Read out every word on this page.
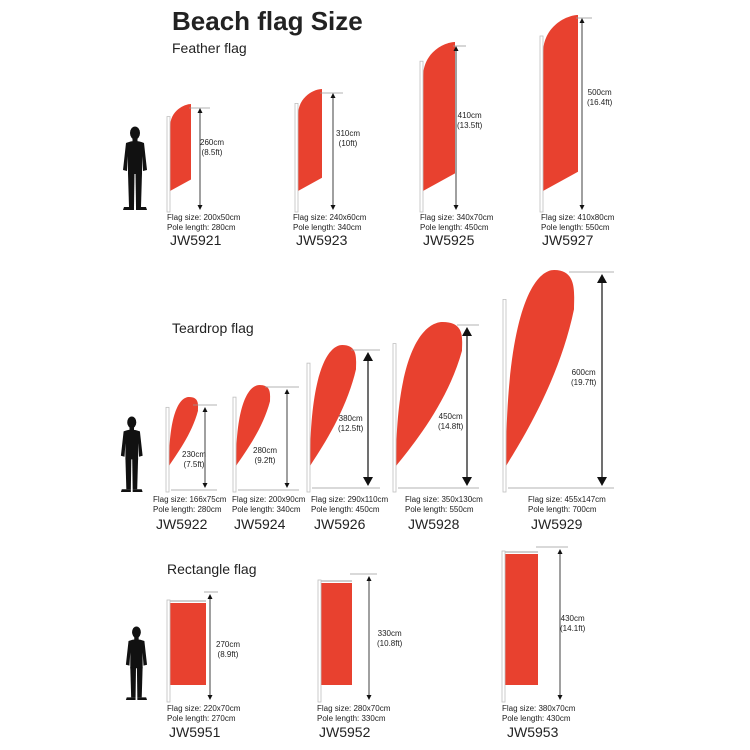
Beach flag Size
Feather flag
Teardrop flag
Rectangle flag
260cm
(8.5ft)
Flag size: 200x50cm
Pole length: 280cm
JW5921
310cm
(10ft)
Flag size: 240x60cm
Pole length: 340cm
JW5923
410cm
(13.5ft)
Flag size: 340x70cm
Pole length: 450cm
JW5925
500cm
(16.4ft)
Flag size: 410x80cm
Pole length: 550cm
JW5927
230cm
(7.5ft)
Flag size: 166x75cm
Pole length: 280cm
JW5922
280cm
(9.2ft)
Flag size: 200x90cm
Pole length: 340cm
JW5924
380cm
(12.5ft)
Flag size: 290x110cm
Pole length: 450cm
JW5926
450cm
(14.8ft)
Flag size: 350x130cm
Pole length: 550cm
JW5928
600cm
(19.7ft)
Flag size: 455x147cm
Pole length: 700cm
JW5929
270cm
(8.9ft)
Flag size: 220x70cm
Pole length: 270cm
JW5951
330cm
(10.8ft)
Flag size: 280x70cm
Pole length: 330cm
JW5952
430cm
(14.1ft)
Flag size: 380x70cm
Pole length: 430cm
JW5953
